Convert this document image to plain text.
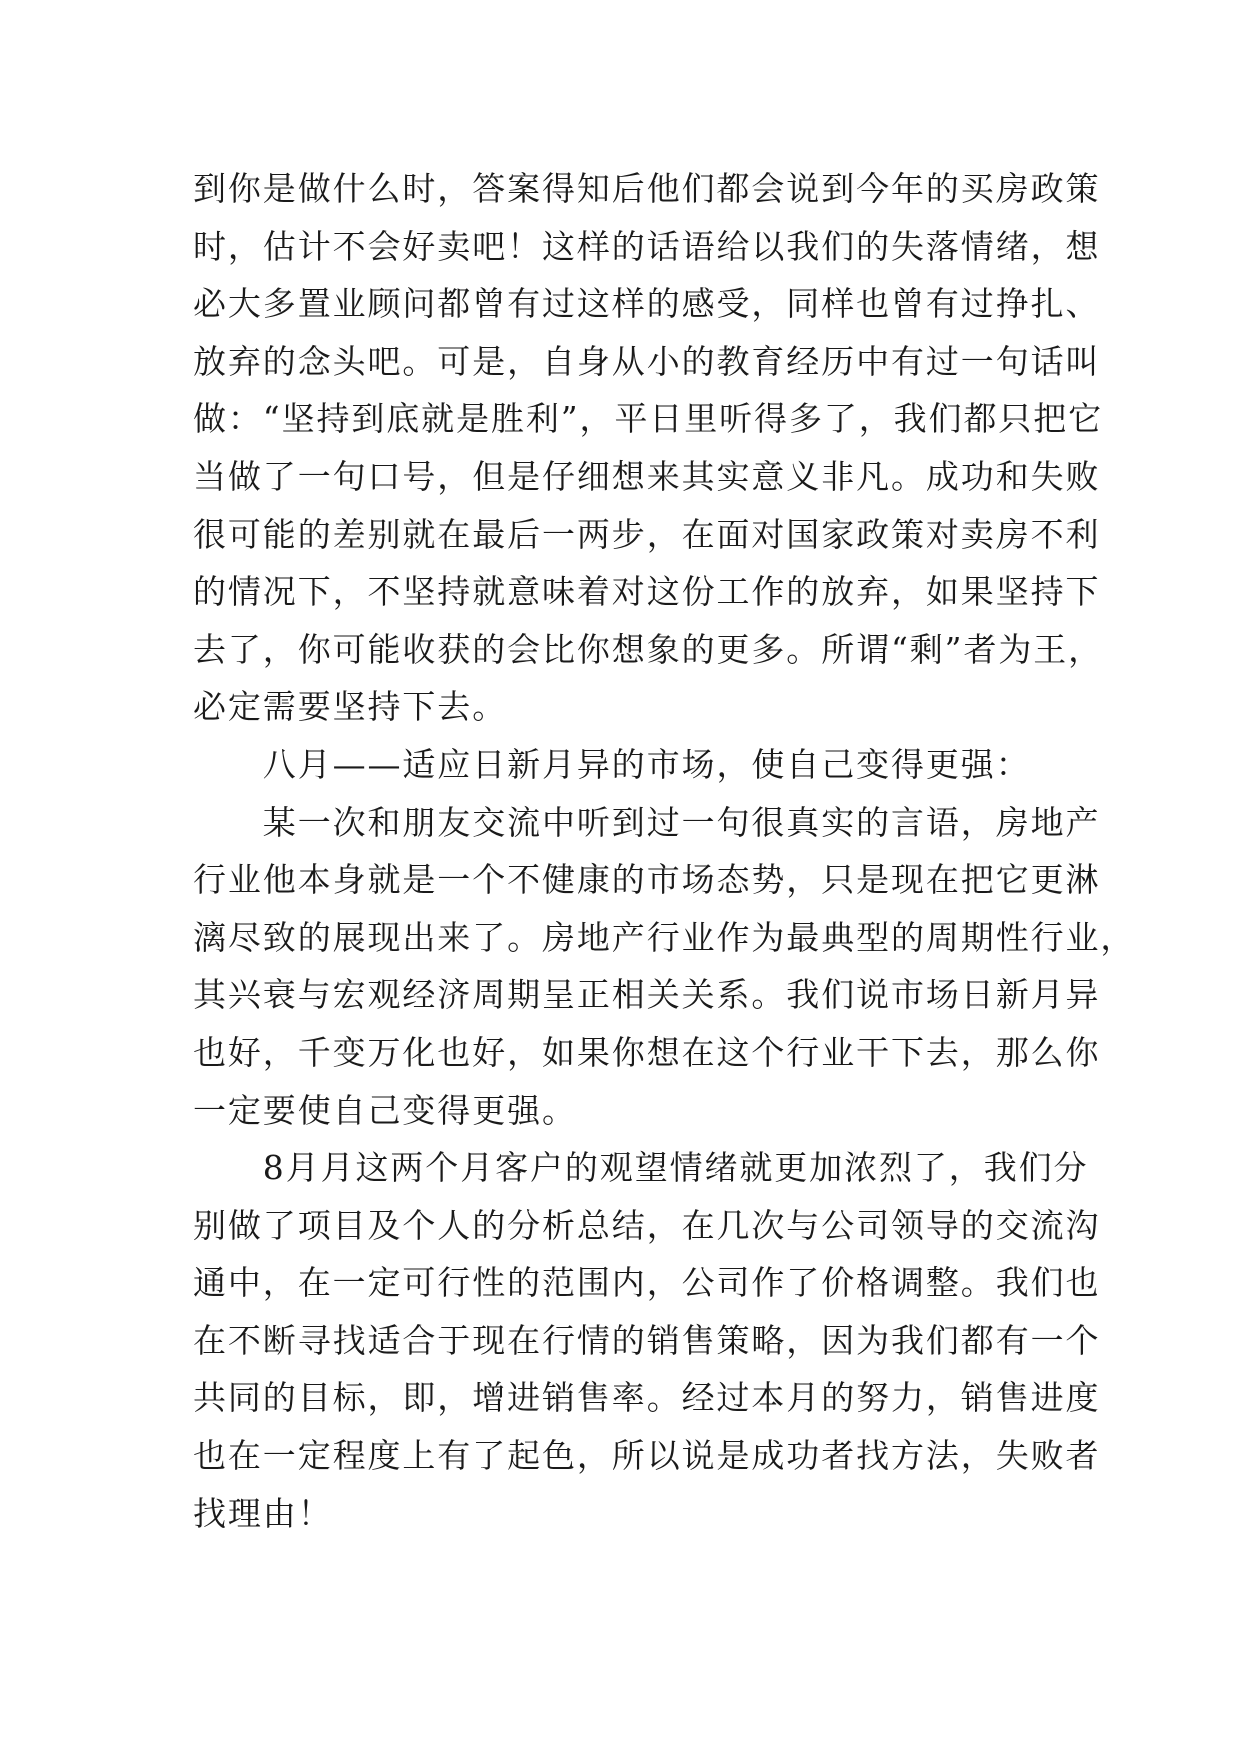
到你是做什么时，答案得知后他们都会说到今年的买房政策
时，估计不会好卖吧！这样的话语给以我们的失落情绪，想
必大多置业顾问都曾有过这样的感受，同样也曾有过挣扎、
放弃的念头吧。可是，自身从小的教育经历中有过一句话叫
做：“坚持到底就是胜利”，平日里听得多了，我们都只把它
当做了一句口号，但是仔细想来其实意义非凡。成功和失败
很可能的差别就在最后一两步，在面对国家政策对卖房不利
的情况下，不坚持就意味着对这份工作的放弃，如果坚持下
去了，你可能收获的会比你想象的更多。所谓“剩”者为王，
必定需要坚持下去。
　　八月——适应日新月异的市场，使自己变得更强：
　　某一次和朋友交流中听到过一句很真实的言语，房地产
行业他本身就是一个不健康的市场态势，只是现在把它更淋
漓尽致的展现出来了。房地产行业作为最典型的周期性行业，
其兴衰与宏观经济周期呈正相关关系。我们说市场日新月异
也好，千变万化也好，如果你想在这个行业干下去，那么你
一定要使自己变得更强。
　　8月月这两个月客户的观望情绪就更加浓烈了，我们分
别做了项目及个人的分析总结，在几次与公司领导的交流沟
通中，在一定可行性的范围内，公司作了价格调整。我们也
在不断寻找适合于现在行情的销售策略，因为我们都有一个
共同的目标，即，增进销售率。经过本月的努力，销售进度
也在一定程度上有了起色，所以说是成功者找方法，失败者
找理由！
